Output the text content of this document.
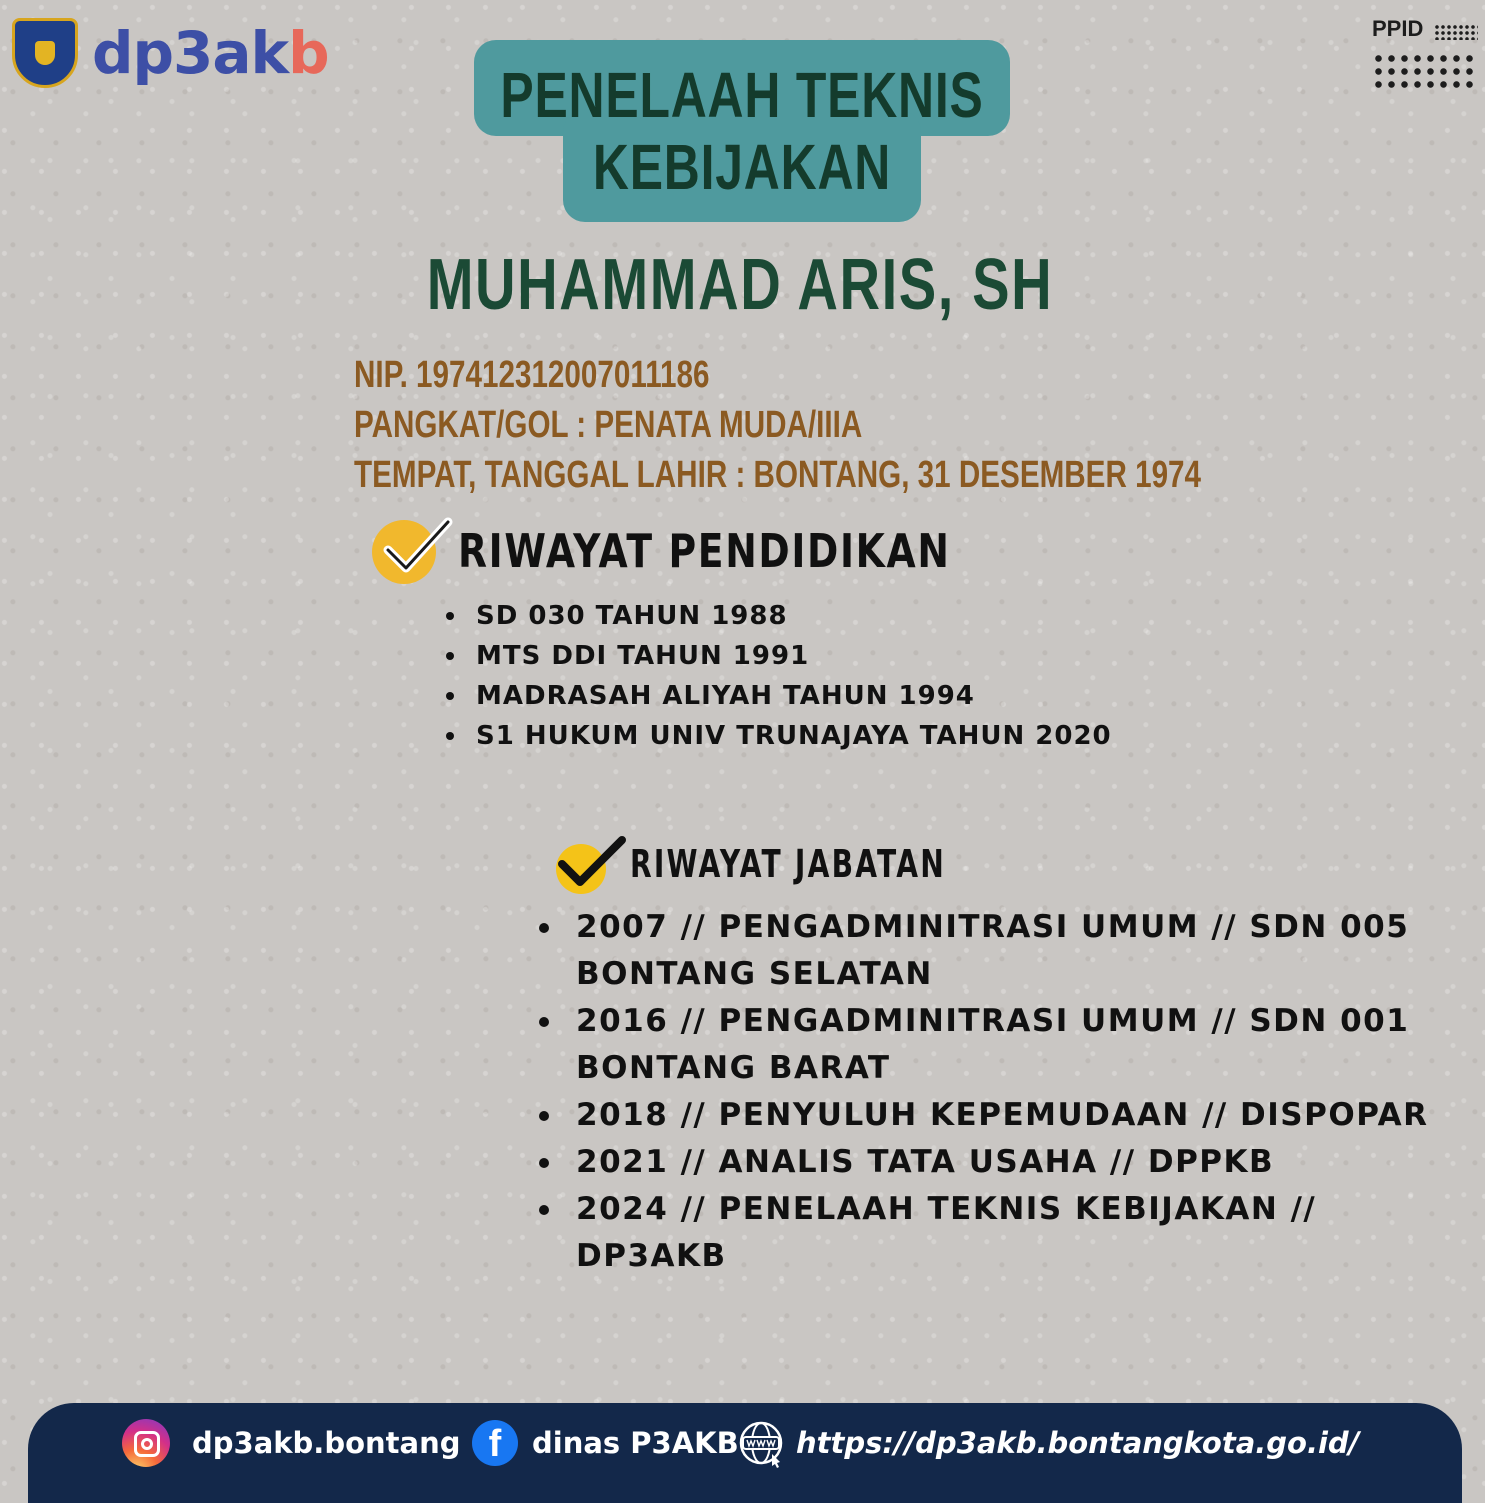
dp3akb	PPID
PENELAAH TEKNIS
KEBIJAKAN
MUHAMMAD ARIS, SH
NIP. 197412312007011186
PANGKAT/GOL : PENATA MUDA/IIIA
TEMPAT, TANGGAL LAHIR : BONTANG, 31 DESEMBER 1974
RIWAYAT PENDIDIKAN
SD 030 TAHUN 1988
MTS DDI TAHUN 1991
MADRASAH ALIYAH TAHUN 1994
S1 HUKUM UNIV TRUNAJAYA TAHUN 2020
RIWAYAT JABATAN
2007 // PENGADMINITRASI UMUM // SDN 005 BONTANG SELATAN
2016 // PENGADMINITRASI UMUM // SDN 001 BONTANG BARAT
2018 // PENYULUH KEPEMUDAAN // DISPOPAR
2021 // ANALIS TATA USAHA // DPPKB
2024 // PENELAAH TEKNIS KEBIJAKAN // DP3AKB
dp3akb.bontang f	dinas P3AKB https://dp3akb.bontangkota.go.id/
